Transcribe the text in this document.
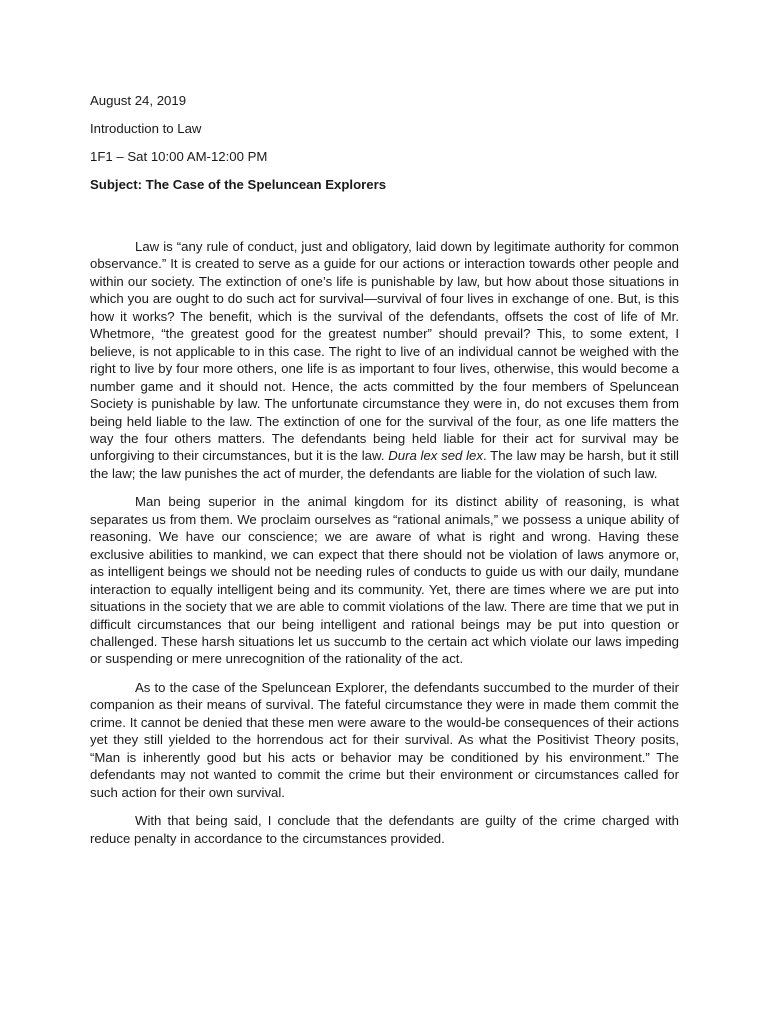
August 24, 2019
Introduction to Law
1F1 – Sat 10:00 AM-12:00 PM
Subject: The Case of the Speluncean Explorers

Law is “any rule of conduct, just and obligatory, laid down by legitimate authority for common observance.” It is created to serve as a guide for our actions or interaction towards other people and within our society. The extinction of one’s life is punishable by law, but how about those situations in which you are ought to do such act for survival—survival of four lives in exchange of one. But, is this how it works? The benefit, which is the survival of the defendants, offsets the cost of life of Mr. Whetmore, “the greatest good for the greatest number” should prevail? This, to some extent, I believe, is not applicable to in this case. The right to live of an individual cannot be weighed with the right to live by four more others, one life is as important to four lives, otherwise, this would become a number game and it should not. Hence, the acts committed by the four members of Speluncean Society is punishable by law. The unfortunate circumstance they were in, do not excuses them from being held liable to the law. The extinction of one for the survival of the four, as one life matters the way the four others matters. The defendants being held liable for their act for survival may be unforgiving to their circumstances, but it is the law. Dura lex sed lex. The law may be harsh, but it still the law; the law punishes the act of murder, the defendants are liable for the violation of such law.

Man being superior in the animal kingdom for its distinct ability of reasoning, is what separates us from them. We proclaim ourselves as “rational animals,” we possess a unique ability of reasoning. We have our conscience; we are aware of what is right and wrong. Having these exclusive abilities to mankind, we can expect that there should not be violation of laws anymore or, as intelligent beings we should not be needing rules of conducts to guide us with our daily, mundane interaction to equally intelligent being and its community. Yet, there are times where we are put into situations in the society that we are able to commit violations of the law. There are time that we put in difficult circumstances that our being intelligent and rational beings may be put into question or challenged. These harsh situations let us succumb to the certain act which violate our laws impeding or suspending or mere unrecognition of the rationality of the act.

As to the case of the Speluncean Explorer, the defendants succumbed to the murder of their companion as their means of survival. The fateful circumstance they were in made them commit the crime. It cannot be denied that these men were aware to the would-be consequences of their actions yet they still yielded to the horrendous act for their survival. As what the Positivist Theory posits, “Man is inherently good but his acts or behavior may be conditioned by his environment.” The defendants may not wanted to commit the crime but their environment or circumstances called for such action for their own survival.

With that being said, I conclude that the defendants are guilty of the crime charged with reduce penalty in accordance to the circumstances provided.
